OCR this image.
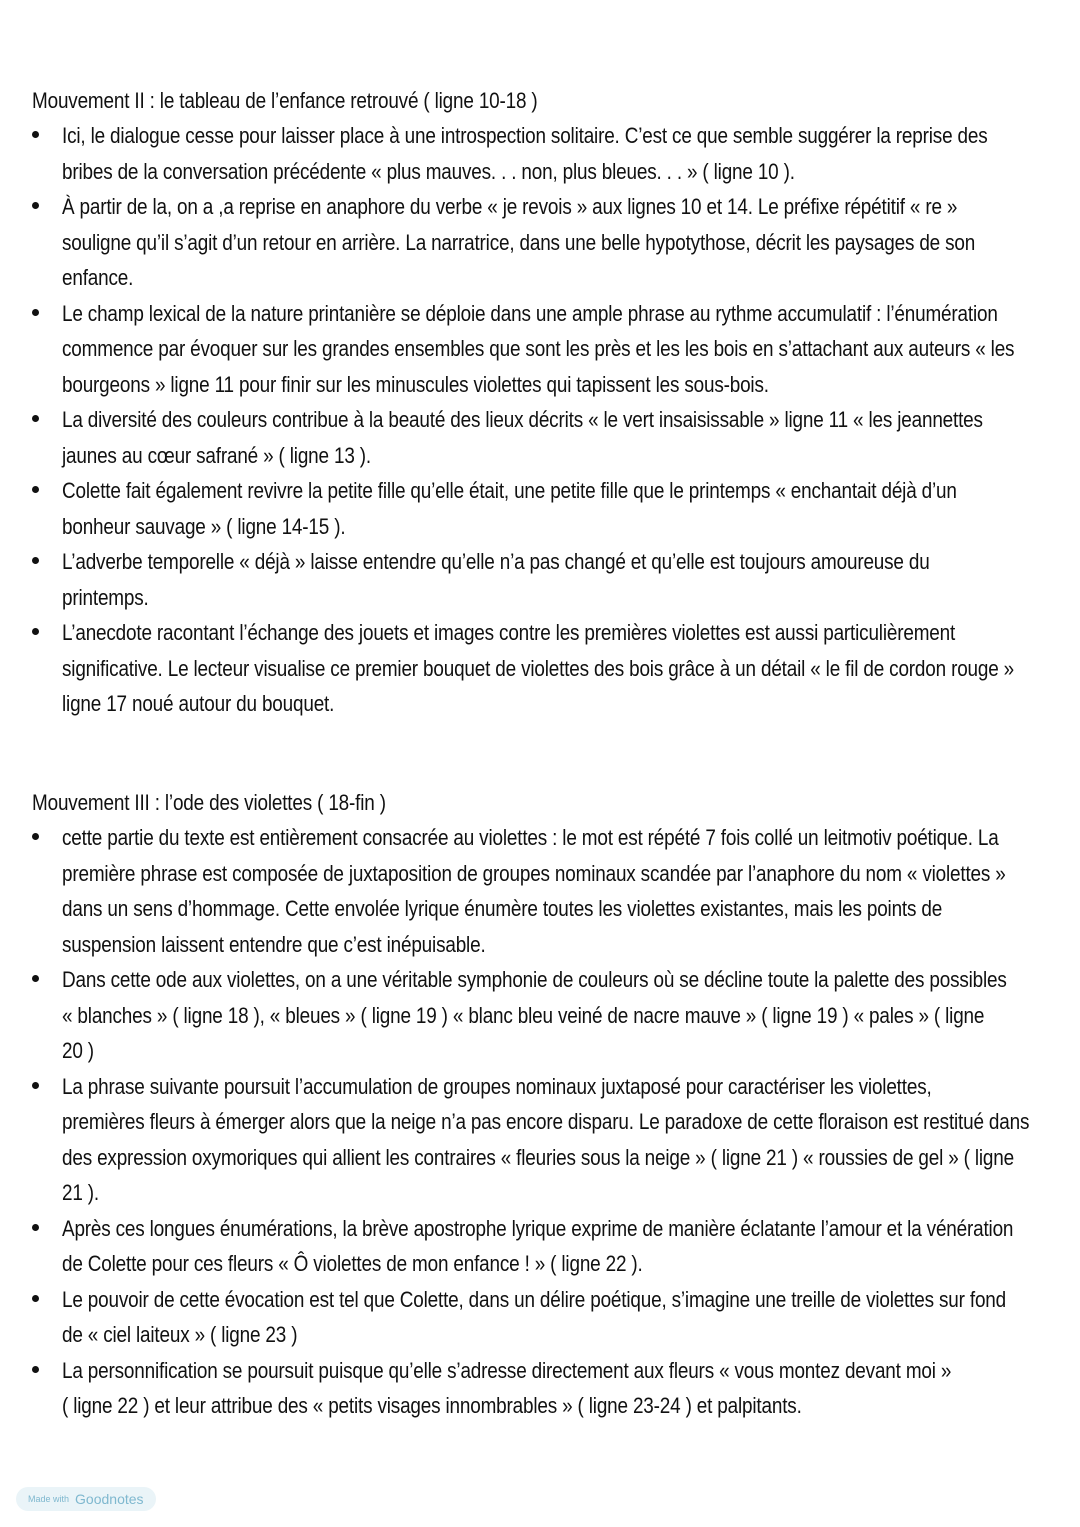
Mouvement II : le tableau de l’enfance retrouvé ( ligne 10-18 )
Ici, le dialogue cesse pour laisser place à une introspection solitaire. C’est ce que semble suggérer la reprise des
bribes de la conversation précédente « plus mauves. . . non, plus bleues. . . » ( ligne 10 ).
À partir de la, on a ,a reprise en anaphore du verbe « je revois » aux lignes 10 et 14. Le préfixe répétitif « re »
souligne qu’il s’agit d’un retour en arrière. La narratrice, dans une belle hypotythose, décrit les paysages de son
enfance.
Le champ lexical de la nature printanière se déploie dans une ample phrase au rythme accumulatif : l’énumération
commence par évoquer sur les grandes ensembles que sont les près et les les bois en s’attachant aux auteurs « les
bourgeons » ligne 11 pour finir sur les minuscules violettes qui tapissent les sous-bois.
La diversité des couleurs contribue à la beauté des lieux décrits « le vert insaisissable » ligne 11 « les jeannettes
jaunes au cœur safrané » ( ligne 13 ).
Colette fait également revivre la petite fille qu’elle était, une petite fille que le printemps « enchantait déjà d’un
bonheur sauvage » ( ligne 14-15 ).
L’adverbe temporelle « déjà » laisse entendre qu’elle n’a pas changé et qu’elle est toujours amoureuse du
printemps.
L’anecdote racontant l’échange des jouets et images contre les premières violettes est aussi particulièrement
significative. Le lecteur visualise ce premier bouquet de violettes des bois grâce à un détail « le fil de cordon rouge »
ligne 17 noué autour du bouquet.
Mouvement III : l’ode des violettes ( 18-fin )
cette partie du texte est entièrement consacrée au violettes : le mot est répété 7 fois collé un leitmotiv poétique. La
première phrase est composée de juxtaposition de groupes nominaux scandée par l’anaphore du nom « violettes »
dans un sens d’hommage. Cette envolée lyrique énumère toutes les violettes existantes, mais les points de
suspension laissent entendre que c’est inépuisable.
Dans cette ode aux violettes, on a une véritable symphonie de couleurs où se décline toute la palette des possibles
« blanches » ( ligne 18 ), « bleues » ( ligne 19 ) « blanc bleu veiné de nacre mauve » ( ligne 19 ) « pales » ( ligne
20 )
La phrase suivante poursuit l’accumulation de groupes nominaux juxtaposé pour caractériser les violettes,
premières fleurs à émerger alors que la neige n’a pas encore disparu. Le paradoxe de cette floraison est restitué dans
des expression oxymoriques qui allient les contraires « fleuries sous la neige » ( ligne 21 ) « roussies de gel » ( ligne
21 ).
Après ces longues énumérations, la brève apostrophe lyrique exprime de manière éclatante l’amour et la vénération
de Colette pour ces fleurs « Ô violettes de mon enfance ! » ( ligne 22 ).
Le pouvoir de cette évocation est tel que Colette, dans un délire poétique, s’imagine une treille de violettes sur fond
de « ciel laiteux » ( ligne 23 )
La personnification se poursuit puisque qu’elle s’adresse directement aux fleurs « vous montez devant moi »
( ligne 22 ) et leur attribue des « petits visages innombrables » ( ligne 23-24 ) et palpitants.
Made with Goodnotes
